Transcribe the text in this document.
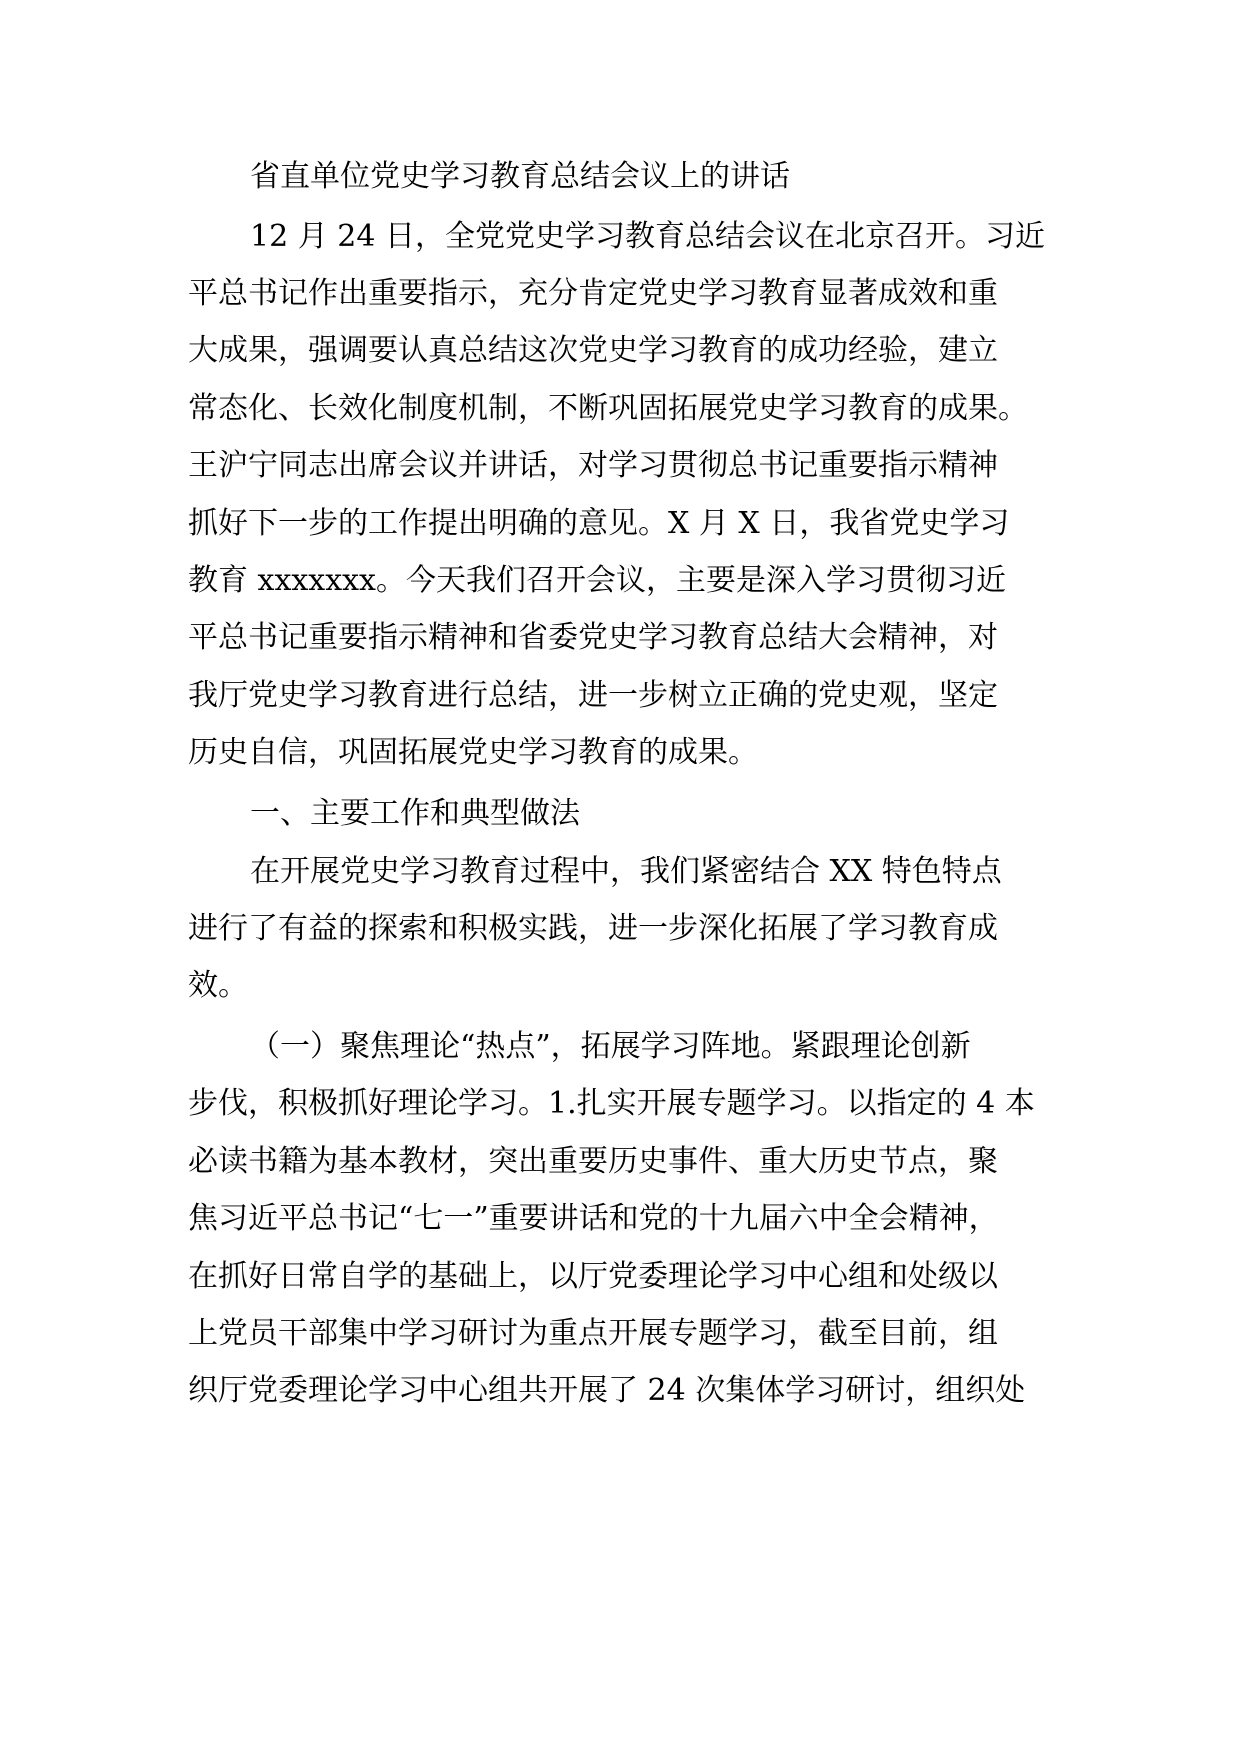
省直单位党史学习教育总结会议上的讲话
12 月 24 日，全党党史学习教育总结会议在北京召开。习近
平总书记作出重要指示，充分肯定党史学习教育显著成效和重
大成果，强调要认真总结这次党史学习教育的成功经验，建立
常态化、长效化制度机制，不断巩固拓展党史学习教育的成果。
王沪宁同志出席会议并讲话，对学习贯彻总书记重要指示精神
抓好下一步的工作提出明确的意见。X 月 X 日，我省党史学习
教育 xxxxxxx。今天我们召开会议，主要是深入学习贯彻习近
平总书记重要指示精神和省委党史学习教育总结大会精神，对
我厅党史学习教育进行总结，进一步树立正确的党史观，坚定
历史自信，巩固拓展党史学习教育的成果。
一、主要工作和典型做法
在开展党史学习教育过程中，我们紧密结合 XX 特色特点
进行了有益的探索和积极实践，进一步深化拓展了学习教育成
效。
（一）聚焦理论“热点”，拓展学习阵地。紧跟理论创新
步伐，积极抓好理论学习。1.扎实开展专题学习。以指定的 4 本
必读书籍为基本教材，突出重要历史事件、重大历史节点，聚
焦习近平总书记“七一”重要讲话和党的十九届六中全会精神，
在抓好日常自学的基础上，以厅党委理论学习中心组和处级以
上党员干部集中学习研讨为重点开展专题学习，截至目前，组
织厅党委理论学习中心组共开展了 24 次集体学习研讨，组织处
